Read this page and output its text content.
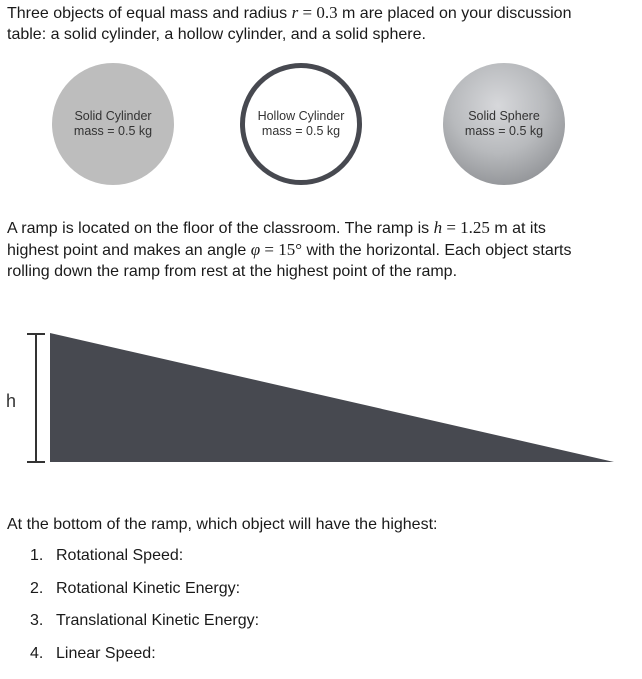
Three objects of equal mass and radius r = 0.3 m are placed on your discussion
table: a solid cylinder, a hollow cylinder, and a solid sphere.

Solid Cylinder
mass = 0.5 kg
Hollow Cylinder
mass = 0.5 kg
Solid Sphere
mass = 0.5 kg

A ramp is located on the floor of the classroom. The ramp is h = 1.25 m at its
highest point and makes an angle φ = 15° with the horizontal. Each object starts
rolling down the ramp from rest at the highest point of the ramp.

h

At the bottom of the ramp, which object will have the highest:

1. Rotational Speed:
2. Rotational Kinetic Energy:
3. Translational Kinetic Energy:
4. Linear Speed:
